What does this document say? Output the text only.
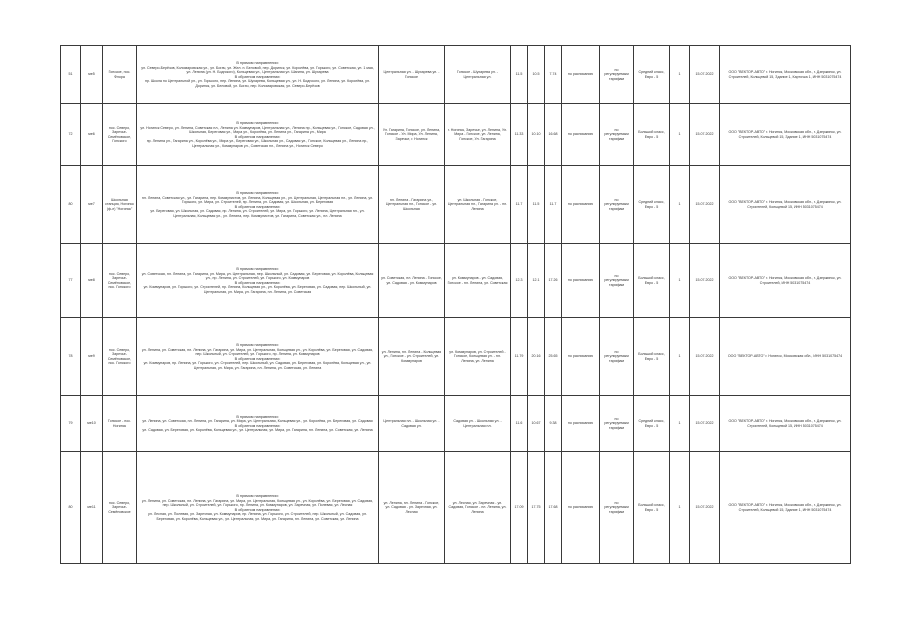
51	ме5	Гонское, пос. Флора	В прямом направлении:

ул. Северо-Берёзов, Коломаровская ул., ул. Богач, ул. Жел. п. Беловой, пер. Доринск, ул. Королёва, ул. Горького, ул. Советская, ул. 1 мая, ул. Ленина (ул. Н. Бодгского), Кольцевая ул., Центральная ул. Шагина, ул. Шухарева

В обратном направлении:

пр. Школа по Центральной ул., ул. Горького, пер. Ленина, ул. Шухарева, Кольцевая ул., ул. Н. Бодгского, ул. Ленина, ул. Королёва, ул. Доринск, ул. Беловой, ул. Богач, пер. Коломаровская, ул. Северо-Берёзов	Центральная ул. - Шухарева ул. - Гонское	Гонское - Шухарева ул. - Центральная ул.	11.5	10.5	7.74	по расписанию	по регулируемым тарифам	Средний класс, Евро - 5	1	15.07.2022	ООО "ВЕКТОР-АВТО" г. Ногинск, Московская обл., г. Дзержинск, ул. Строителей, Кольцевой 15, Здание 1, Карточка 1, ИНН 5031075474
72	ме6	пос. Северо, Заречье-Семёновское, Гонского	В прямом направлении:

ул. Ногинск Северо, ул. Ленина, Советская пл., Ленина ул. Коммунаров, Центральная ул., Ленина пр., Кольцевая ул., Гонское, Садовая ул., Школьная, Береговая ул., Мира ул., Королёва, ул. Ленина ул., Гагарина ул., Мира

В обратном направлении:

пр. Ленина ул., Гагарина ул., Королёва ул., Мира ул., Береговая ул., Школьная ул., Садовая ул., Гонское, Кольцевая ул., Ленина пр., Центральная ул., Коммунаров ул., Советская пл., Ленина ул., Ногинск Северо	Ул. Гагарина, Гонское, ул. Ленина, Гонское - Ул. Мира, Ул. Ленина, Заречье, г. Ногинск	г. Ногинск, Заречье, ул. Ленина, Ул. Мира - Гонское, ул. Ленина, Гонское, Ул. Гагарина	11.33	10.10	16.68	по расписанию	по регулируемым тарифам	Большой класс, Евро - 5	1	15.07.2022	ООО "ВЕКТОР-АВТО" г. Ногинск, Московская обл., г. Дзержинск, ул. Строителей, Кольцевой 15, Здание 1, ИНН 5031075474
80	ме7	Школьная станция, Ногинск (ф-л) "Ногинск"	В прямом направлении:

пл. Ленина, Советская ул., ул. Гагарина, пер. Коммунистов, ул. Ленина, Кольцевая ул., ул. Центральная, Центральная пл., ул. Ленина, ул. Горького, ул. Мира, ул. Строителей, пр. Ленина, ул. Садовая, ул. Школьная, ул. Береговая

В обратном направлении:

ул. Береговая, ул. Школьная, ул. Садовая, пр. Ленина, ул. Строителей, ул. Мира, ул. Горького, ул. Ленина, Центральная пл., ул. Центральная, Кольцевая ул., ул. Ленина, пер. Коммунистов, ул. Гагарина, Советская ул., пл. Ленина	пл. Ленина - Гагарина ул., Центральная пл., Гонское - ул. Школьная	ул. Школьная - Гонское, Центральная пл., Гагарина ул. - пл. Ленина	11.7	11.5	11.7	по расписанию	по регулируемым тарифам	Средний класс, Евро - 5	1	15.07.2022	ООО "ВЕКТОР-АВТО" г. Ногинск, Московская обл., г. Дзержинск, ул. Строителей, Кольцевой 15, ИНН 5031075474
77	ме8	пос. Северо, Заречье-Семёновское, пос. Гонского	В прямом направлении:

ул. Советская, пл. Ленина, ул. Гагарина, ул. Мира, ул. Центральная, пер. Школьный, ул. Садовая, ул. Береговая, ул. Королёва, Кольцевая ул., пр. Ленина, ул. Строителей, ул. Горького, ул. Коммунаров

В обратном направлении:

ул. Коммунаров, ул. Горького, ул. Строителей, пр. Ленина, Кольцевая ул., ул. Королёва, ул. Береговая, ул. Садовая, пер. Школьный, ул. Центральная, ул. Мира, ул. Гагарина, пл. Ленина, ул. Советская	ул. Советская, пл. Ленина - Гонское, ул. Садовая - ул. Коммунаров	ул. Коммунаров - ул. Садовая, Гонское - пл. Ленина, ул. Советская	12.3	12.1	17.26	по расписанию	по регулируемым тарифам	Большой класс, Евро - 5	1	15.07.2022	ООО "ВЕКТОР-АВТО" г. Ногинск, Московская обл., г. Дзержинск, ул. Строителей, ИНН 5031075474
78	ме9	пос. Северо, Заречье-Семёновское, пос. Гонского	В прямом направлении:

ул. Ленина, ул. Советская, пл. Ленина, ул. Гагарина, ул. Мира, ул. Центральная, Кольцевая ул., ул. Королёва, ул. Береговая, ул. Садовая, пер. Школьный, ул. Строителей, ул. Горького, пр. Ленина, ул. Коммунаров

В обратном направлении:

ул. Коммунаров, пр. Ленина, ул. Горького, ул. Строителей, пер. Школьный, ул. Садовая, ул. Береговая, ул. Королёва, Кольцевая ул., ул. Центральная, ул. Мира, ул. Гагарина, пл. Ленина, ул. Советская, ул. Ленина	ул. Ленина, пл. Ленина - Кольцевая ул., Гонское - ул. Строителей, ул. Коммунаров	ул. Коммунаров, ул. Строителей - Гонское, Кольцевая ул. - пл. Ленина, ул. Ленина	11.79	20.16	25.65	по расписанию	по регулируемым тарифам	Большой класс, Евро - 5	1	15.07.2022	ООО "ВЕКТОР-АВТО" г. Ногинск, Московская обл., ИНН 5031075474
79	ме10	Гонское - пос. Ногинск	В прямом направлении:

ул. Ленина, ул. Советская, пл. Ленина, ул. Гагарина, ул. Мира, ул. Центральная, Кольцевая ул., ул. Королёва, ул. Береговая, ул. Садовая

В обратном направлении:

ул. Садовая, ул. Береговая, ул. Королёва, Кольцевая ул., ул. Центральная, ул. Мира, ул. Гагарина, пл. Ленина, ул. Советская, ул. Ленина	Центральная пл. - Школьная ул. - Садовая ул.	Садовая ул. - Школьная ул. - Центральная пл.	11.6	10.67	9.38	по расписанию	по регулируемым тарифам	Средний класс, Евро - 5	1	15.07.2022	ООО "ВЕКТОР-АВТО" г. Ногинск, Московская обл., г. Дзержинск, ул. Строителей, Кольцевой 15, ИНН 5031075474
80	ме11	пос. Северо, Заречье-Семёновское	В прямом направлении:

ул. Ленина, ул. Советская, пл. Ленина, ул. Гагарина, ул. Мира, ул. Центральная, Кольцевая ул., ул. Королёва, ул. Береговая, ул. Садовая, пер. Школьный, ул. Строителей, ул. Горького, пр. Ленина, ул. Коммунаров, ул. Заречная, ул. Полевая, ул. Лесная

В обратном направлении:

ул. Лесная, ул. Полевая, ул. Заречная, ул. Коммунаров, пр. Ленина, ул. Горького, ул. Строителей, пер. Школьный, ул. Садовая, ул. Береговая, ул. Королёва, Кольцевая ул., ул. Центральная, ул. Мира, ул. Гагарина, пл. Ленина, ул. Советская, ул. Ленина	ул. Ленина, пл. Ленина - Гонское, ул. Садовая - ул. Заречная, ул. Лесная	ул. Лесная, ул. Заречная - ул. Садовая, Гонское - пл. Ленина, ул. Ленина	17.09	17.75	17.68	по расписанию	по регулируемым тарифам	Большой класс, Евро - 5	1	15.07.2022	ООО "ВЕКТОР-АВТО" г. Ногинск, Московская обл., г. Дзержинск, ул. Строителей, Кольцевой 15, Здание 1, ИНН 5031075474
